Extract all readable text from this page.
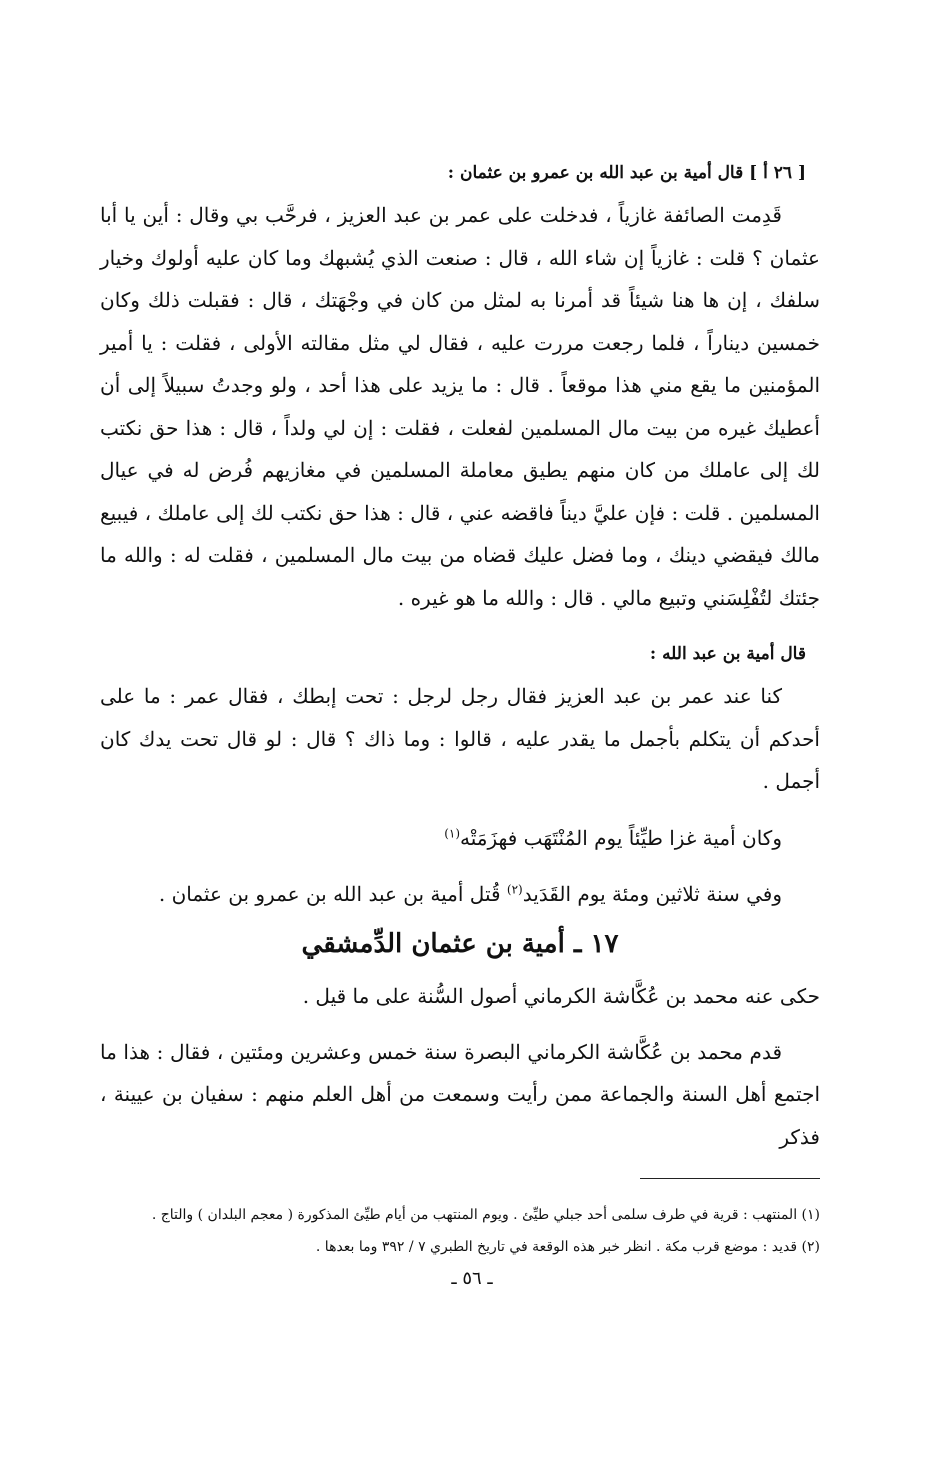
[ ٢٦ أ ] قال أمية بن عبد الله بن عمرو بن عثمان :

قَدِمت الصائفة غازياً ، فدخلت على عمر بن عبد العزيز ، فرحَّب بي وقال : أين يا أبا عثمان ؟ قلت : غازياً إن شاء الله ، قال : صنعت الذي يُشبهك وما كان عليه أولوك وخيار سلفك ، إن ها هنا شيئاً قد أمرنا به لمثل من كان في وجْهَتك ، قال : فقبلت ذلك وكان خمسين ديناراً ، فلما رجعت مررت عليه ، فقال لي مثل مقالته الأولى ، فقلت : يا أمير المؤمنين ما يقع مني هذا موقعاً . قال : ما يزيد على هذا أحد ، ولو وجدتُ سبيلاً إلى أن أعطيك غيره من بيت مال المسلمين لفعلت ، فقلت : إن لي ولداً ، قال : هذا حق نكتب لك إلى عاملك من كان منهم يطيق معاملة المسلمين في مغازيهم فُرض له في عيال المسلمين . قلت : فإن عليَّ ديناً فاقضه عني ، قال : هذا حق نكتب لك إلى عاملك ، فيبيع مالك فيقضي دينك ، وما فضل عليك قضاه من بيت مال المسلمين ، فقلت له : والله ما جئتك لتُفْلِسَني وتبيع مالي . قال : والله ما هو غيره .

قال أمية بن عبد الله :

كنا عند عمر بن عبد العزيز فقال رجل لرجل : تحت إبطك ، فقال عمر : ما على أحدكم أن يتكلم بأجمل ما يقدر عليه ، قالوا : وما ذاك ؟ قال : لو قال تحت يدك كان أجمل .

وكان أمية غزا طيِّئاً يوم المُنْتَهَب فهزَمَتْه$^{(١)}$

وفي سنة ثلاثين ومئة يوم القَدَيد$^{(٢)}$ قُتل أمية بن عبد الله بن عمرو بن عثمان .

١٧ ـ أمية بن عثمان الدِّمشقي

حكى عنه محمد بن عُكَّاشة الكرماني أصول السُّنة على ما قيل .

قدم محمد بن عُكَّاشة الكرماني البصرة سنة خمس وعشرين ومئتين ، فقال : هذا ما اجتمع أهل السنة والجماعة ممن رأيت وسمعت من أهل العلم منهم : سفيان بن عيينة ، فذكر

(١) المنتهب : قرية في طرف سلمى أحد جبلي طيِّئ . ويوم المنتهب من أيام طيِّئ المذكورة ( معجم البلدان ) والتاج .

(٢) قديد : موضع قرب مكة . انظر خبر هذه الوقعة في تاريخ الطبري ٧ / ٣٩٢ وما بعدها .

ـ ٥٦ ـ
